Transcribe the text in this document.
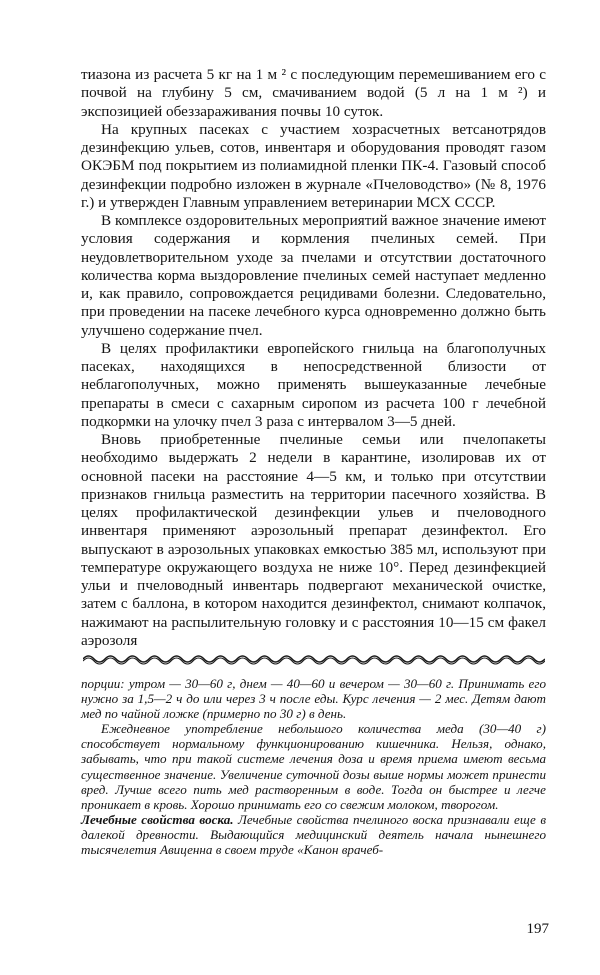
тиазона из расчета 5 кг на 1 м ² с последующим перемешиванием его с почвой на глубину 5 см, смачиванием водой (5 л на 1 м ²) и экспозицией обеззараживания почвы 10 суток.

На крупных пасеках с участием хозрасчетных ветсанотрядов дезинфекцию ульев, сотов, инвентаря и оборудования проводят газом ОКЭБМ под покрытием из полиамидной пленки ПК-4. Газовый способ дезинфекции подробно изложен в журнале «Пчеловодство» (№ 8, 1976 г.) и утвержден Главным управлением ветеринарии МСХ СССР.

В комплексе оздоровительных мероприятий важное значение имеют условия содержания и кормления пчелиных семей. При неудовлетворительном уходе за пчелами и отсутствии достаточного количества корма выздоровление пчелиных семей наступает медленно и, как правило, сопровождается рецидивами болезни. Следовательно, при проведении на пасеке лечебного курса одновременно должно быть улучшено содержание пчел.

В целях профилактики европейского гнильца на благополучных пасеках, находящихся в непосредственной близости от неблагополучных, можно применять вышеуказанные лечебные препараты в смеси с сахарным сиропом из расчета 100 г лечебной подкормки на улочку пчел 3 раза с интервалом 3—5 дней.

Вновь приобретенные пчелиные семьи или пчелопакеты необходимо выдержать 2 недели в карантине, изолировав их от основной пасеки на расстояние 4—5 км, и только при отсутствии признаков гнильца разместить на территории пасечного хозяйства. В целях профилактической дезинфекции ульев и пчеловодного инвентаря применяют аэрозольный препарат дезинфектол. Его выпускают в аэрозольных упаковках емкостью 385 мл, используют при температуре окружающего воздуха не ниже 10°. Перед дезинфекцией ульи и пчеловодный инвентарь подвергают механической очистке, затем с баллона, в котором находится дезинфектол, снимают колпачок, нажимают на распылительную головку и с расстояния 10—15 см факел аэрозоля

порции: утром — 30—60 г, днем — 40—60 и вечером — 30—60 г. Принимать его нужно за 1,5—2 ч до или через 3 ч после еды. Курс лечения — 2 мес. Детям дают мед по чайной ложке (примерно по 30 г) в день.

Ежедневное употребление небольшого количества меда (30—40 г) способствует нормальному функционированию кишечника. Нельзя, однако, забывать, что при такой системе лечения доза и время приема имеют весьма существенное значение. Увеличение суточной дозы выше нормы может принести вред. Лучше всего пить мед растворенным в воде. Тогда он быстрее и легче проникает в кровь. Хорошо принимать его со свежим молоком, творогом.

Лечебные свойства воска. Лечебные свойства пчелиного воска признавали еще в далекой древности. Выдающийся медицинский деятель начала нынешнего тысячелетия Авиценна в своем труде «Канон врачеб-

197
